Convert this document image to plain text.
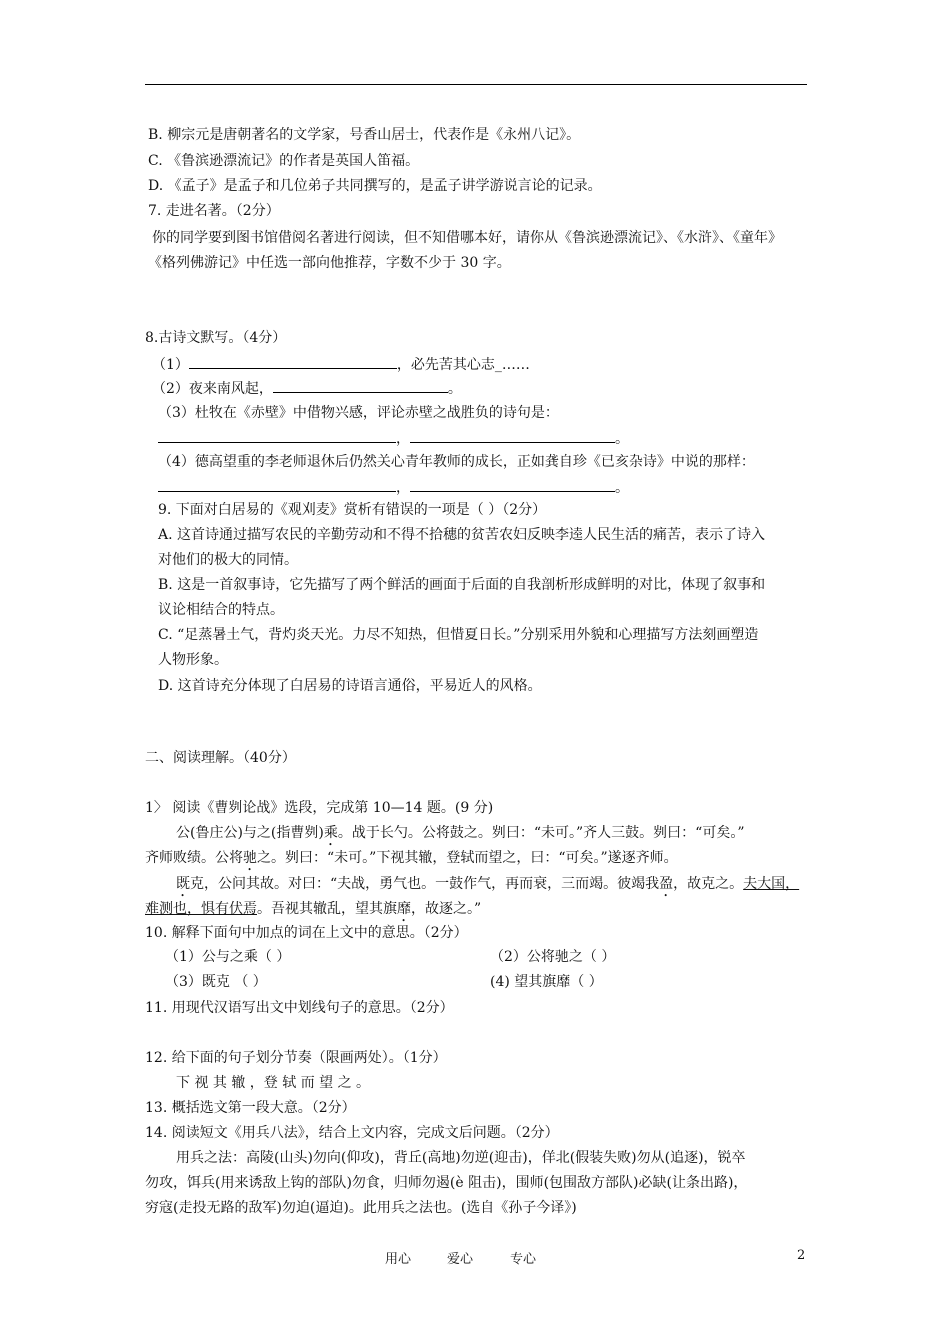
B. 柳宗元是唐朝著名的文学家，号香山居士，代表作是《永州八记》。
C. 《鲁滨逊漂流记》的作者是英国人笛福。
D. 《孟子》是孟子和几位弟子共同撰写的，是孟子讲学游说言论的记录。
7. 走进名著。（2分）
你的同学要到图书馆借阅名著进行阅读，但不知借哪本好，请你从《鲁滨逊漂流记》、《水浒》、《童年》
《格列佛游记》中任选一部向他推荐，字数不少于 30 字。
8.古诗文默写。（4分）
（1）	，必先苦其心志_……
（2）夜来南风起，	。
（3）杜牧在《赤壁》中借物兴感，评论赤壁之战胜负的诗句是：
，	。
（4）德高望重的李老师退休后仍然关心青年教师的成长，正如龚自珍《已亥杂诗》中说的那样：
，	。
9. 下面对白居易的《观刈麦》赏析有错误的一项是（ ）（2分）
A. 这首诗通过描写农民的辛勤劳动和不得不拾穗的贫苦农妇反映李逵人民生活的痛苦，表示了诗入
对他们的极大的同情。
B. 这是一首叙事诗，它先描写了两个鲜活的画面于后面的自我剖析形成鲜明的对比，体现了叙事和
议论相结合的特点。
C. “足蒸暑土气，背灼炎天光。力尽不知热，但惜夏日长。”分别采用外貌和心理描写方法刻画塑造
人物形象。
D. 这首诗充分体现了白居易的诗语言通俗，平易近人的风格。
二、阅读理解。（40分）
1〉 阅读《曹刿论战》选段，完成第 10—14 题。(9 分)
公(鲁庄公)与之(指曹刿)乘。战于长勺。公将鼓之。刿曰：“未可。”齐人三鼓。刿曰：“可矣。”
齐师败绩。公将驰之。刿曰：“未可。”下视其辙，登轼而望之，曰：“可矣。”遂逐齐师。
既克，公问其故。对曰：“夫战，勇气也。一鼓作气，再而衰，三而竭。彼竭我盈，故克之。夫大国，
难测也，惧有伏焉。吾视其辙乱，望其旗靡，故逐之。”
10. 解释下面句中加点的词在上文中的意思。（2分）
（1）公与之乘（ ）	（2）公将驰之（ ）
（3）既克 （ ）	(4) 望其旗靡（ ）
11. 用现代汉语写出文中划线句子的意思。（2分）
12. 给下面的句子划分节奏（限画两处）。（1分）
下 视 其 辙 ，登 轼 而 望 之 。
13. 概括选文第一段大意。（2分）
14. 阅读短文《用兵八法》，结合上文内容，完成文后问题。（2分）
用兵之法：高陵(山头)勿向(仰攻)，背丘(高地)勿逆(迎击)，佯北(假装失败)勿从(追逐)，锐卒
勿攻，饵兵(用来诱敌上钩的部队)勿食，归师勿遏(è 阻击)，围师(包围敌方部队)必缺(让条出路)，
穷寇(走投无路的敌军)勿迫(逼迫)。此用兵之法也。(选自《孙子今译》)
用心	爱心	专心	2
